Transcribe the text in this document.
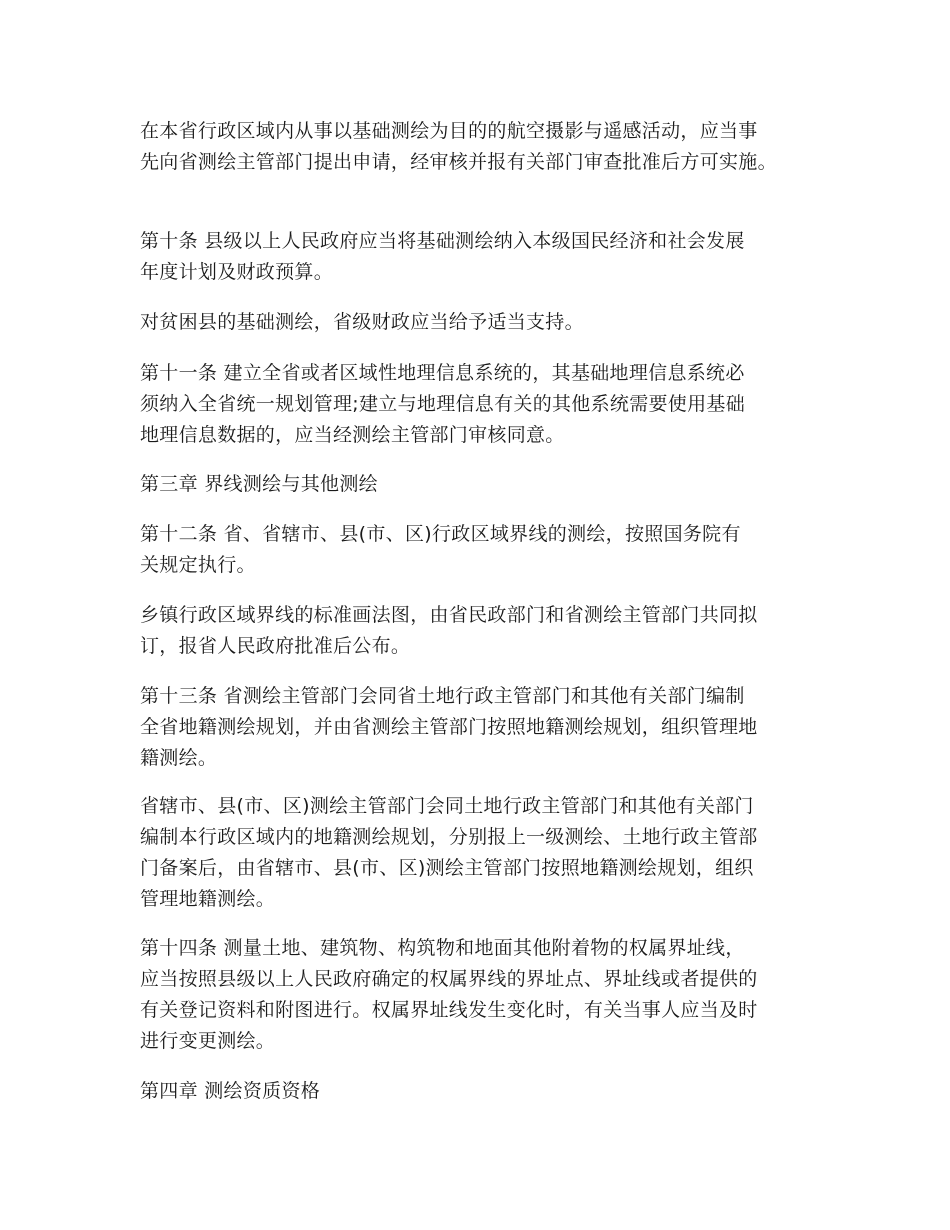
在本省行政区域内从事以基础测绘为目的的航空摄影与遥感活动，应当事
先向省测绘主管部门提出申请，经审核并报有关部门审查批准后方可实施。

第十条 县级以上人民政府应当将基础测绘纳入本级国民经济和社会发展
年度计划及财政预算。

对贫困县的基础测绘，省级财政应当给予适当支持。

第十一条 建立全省或者区域性地理信息系统的，其基础地理信息系统必
须纳入全省统一规划管理;建立与地理信息有关的其他系统需要使用基础
地理信息数据的，应当经测绘主管部门审核同意。

第三章 界线测绘与其他测绘

第十二条 省、省辖市、县(市、区)行政区域界线的测绘，按照国务院有
关规定执行。

乡镇行政区域界线的标准画法图，由省民政部门和省测绘主管部门共同拟
订，报省人民政府批准后公布。

第十三条 省测绘主管部门会同省土地行政主管部门和其他有关部门编制
全省地籍测绘规划，并由省测绘主管部门按照地籍测绘规划，组织管理地
籍测绘。

省辖市、县(市、区)测绘主管部门会同土地行政主管部门和其他有关部门
编制本行政区域内的地籍测绘规划，分别报上一级测绘、土地行政主管部
门备案后，由省辖市、县(市、区)测绘主管部门按照地籍测绘规划，组织
管理地籍测绘。

第十四条 测量土地、建筑物、构筑物和地面其他附着物的权属界址线，
应当按照县级以上人民政府确定的权属界线的界址点、界址线或者提供的
有关登记资料和附图进行。权属界址线发生变化时，有关当事人应当及时
进行变更测绘。

第四章 测绘资质资格
